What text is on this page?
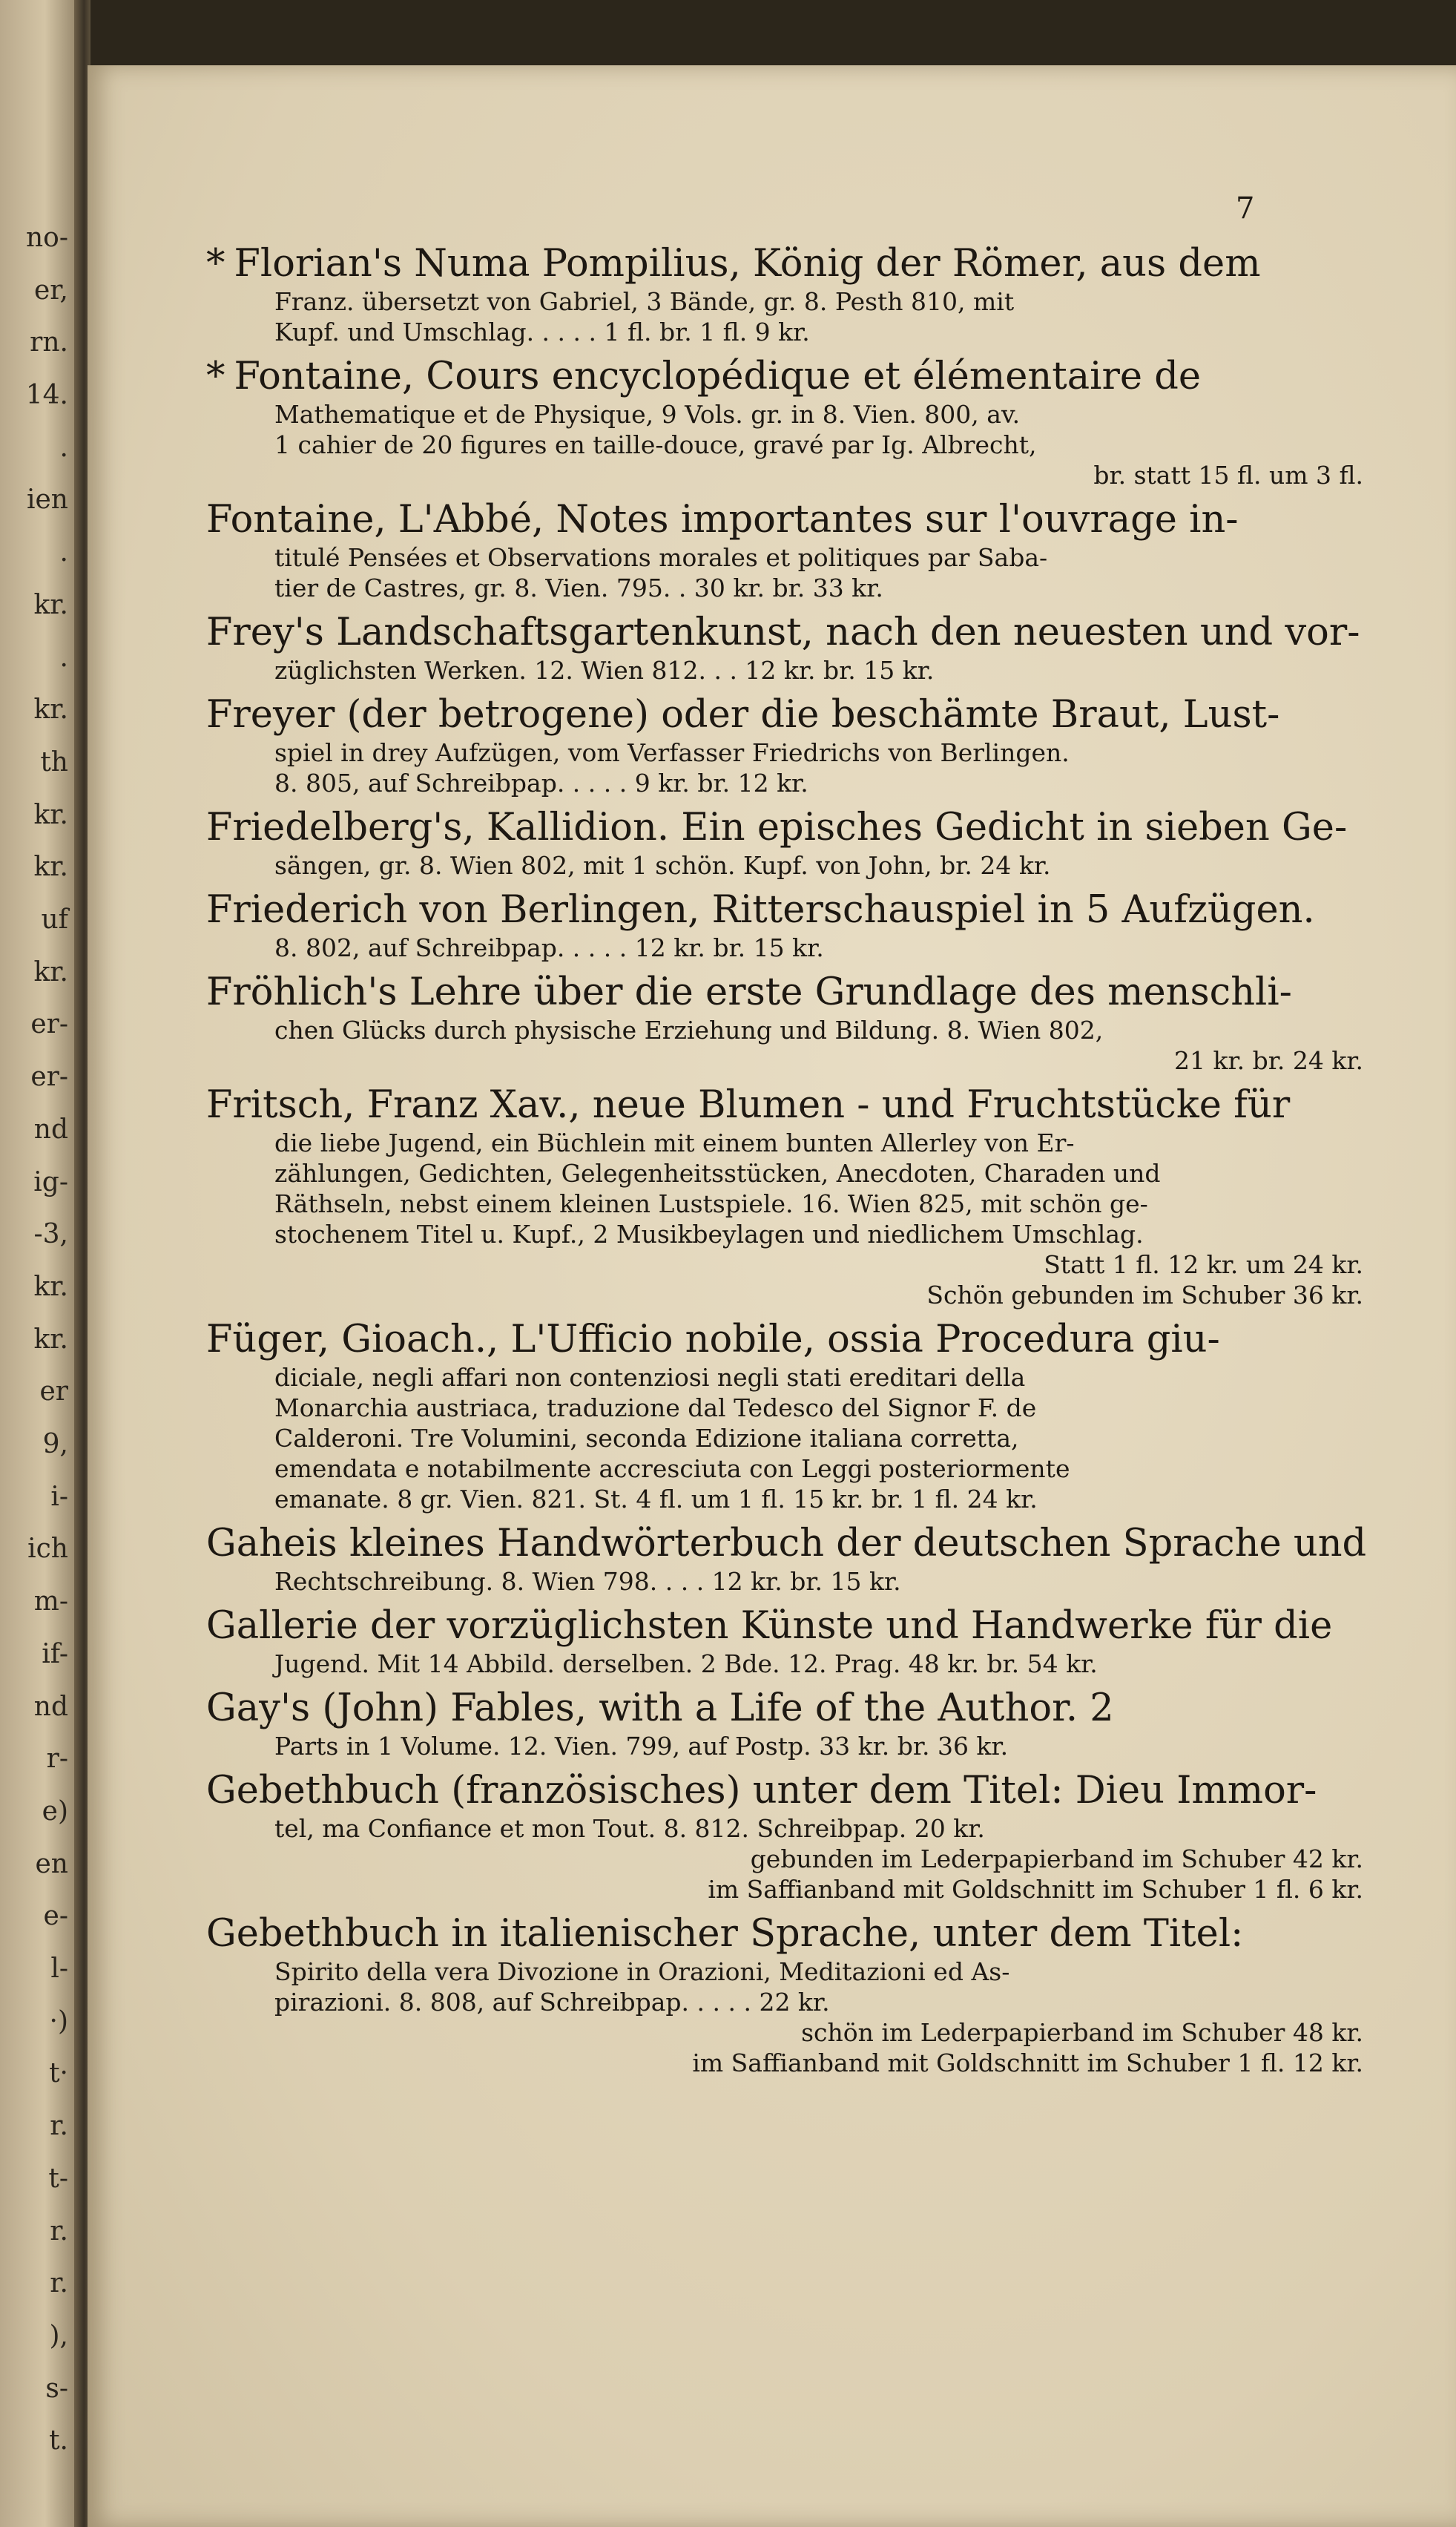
no-
er,
rn.
14.
.
ien
.
kr.
.
kr.
th
kr.
kr.
uf
kr.
er-
er-
nd
ig-
-3,
kr.
kr.
er
9,
i-
ich
m-
if-
nd
r-
e)
en
e-
l-
·)
t·
r.
t-
r.
r.
),
s-
t.
7
* Florian's Numa Pompilius, König der Römer, aus dem
Franz. übersetzt von Gabriel, 3 Bände, gr. 8. Pesth 810, mit
Kupf. und Umschlag. . . . . 1 fl. br. 1 fl. 9 kr.
* Fontaine, Cours encyclopédique et élémentaire de
Mathematique et de Physique, 9 Vols. gr. in 8. Vien. 800, av.
1 cahier de 20 figures en taille-douce, gravé par Ig. Albrecht,
br. statt 15 fl. um 3 fl.
Fontaine, L'Abbé, Notes importantes sur l'ouvrage in-
titulé Pensées et Observations morales et politiques par Saba-
tier de Castres, gr. 8. Vien. 795. . 30 kr. br. 33 kr.
Frey's Landschaftsgartenkunst, nach den neuesten und vor-
züglichsten Werken. 12. Wien 812. . . 12 kr. br. 15 kr.
Freyer (der betrogene) oder die beschämte Braut, Lust-
spiel in drey Aufzügen, vom Verfasser Friedrichs von Berlingen.
8. 805, auf Schreibpap. . . . . 9 kr. br. 12 kr.
Friedelberg's, Kallidion. Ein episches Gedicht in sieben Ge-
sängen, gr. 8. Wien 802, mit 1 schön. Kupf. von John, br. 24 kr.
Friederich von Berlingen, Ritterschauspiel in 5 Aufzügen.
8. 802, auf Schreibpap. . . . . 12 kr. br. 15 kr.
Fröhlich's Lehre über die erste Grundlage des menschli-
chen Glücks durch physische Erziehung und Bildung. 8. Wien 802,
21 kr. br. 24 kr.
Fritsch, Franz Xav., neue Blumen - und Fruchtstücke für
die liebe Jugend, ein Büchlein mit einem bunten Allerley von Er-
zählungen, Gedichten, Gelegenheitsstücken, Anecdoten, Charaden und
Räthseln, nebst einem kleinen Lustspiele. 16. Wien 825, mit schön ge-
stochenem Titel u. Kupf., 2 Musikbeylagen und niedlichem Umschlag.
Statt 1 fl. 12 kr. um 24 kr.
Schön gebunden im Schuber 36 kr.
Füger, Gioach., L'Ufficio nobile, ossia Procedura giu-
diciale, negli affari non contenziosi negli stati ereditari della
Monarchia austriaca, traduzione dal Tedesco del Signor F. de
Calderoni. Tre Volumini, seconda Edizione italiana corretta,
emendata e notabilmente accresciuta con Leggi posteriormente
emanate. 8 gr. Vien. 821. St. 4 fl. um 1 fl. 15 kr. br. 1 fl. 24 kr.
Gaheis kleines Handwörterbuch der deutschen Sprache und
Rechtschreibung. 8. Wien 798. . . . 12 kr. br. 15 kr.
Gallerie der vorzüglichsten Künste und Handwerke für die
Jugend. Mit 14 Abbild. derselben. 2 Bde. 12. Prag. 48 kr. br. 54 kr.
Gay's (John) Fables, with a Life of the Author. 2
Parts in 1 Volume. 12. Vien. 799, auf Postp. 33 kr. br. 36 kr.
Gebethbuch (französisches) unter dem Titel: Dieu Immor-
tel, ma Confiance et mon Tout. 8. 812. Schreibpap. 20 kr.
gebunden im Lederpapierband im Schuber 42 kr.
im Saffianband mit Goldschnitt im Schuber 1 fl. 6 kr.
Gebethbuch in italienischer Sprache, unter dem Titel:
Spirito della vera Divozione in Orazioni, Meditazioni ed As-
pirazioni. 8. 808, auf Schreibpap. . . . . 22 kr.
schön im Lederpapierband im Schuber 48 kr.
im Saffianband mit Goldschnitt im Schuber 1 fl. 12 kr.
